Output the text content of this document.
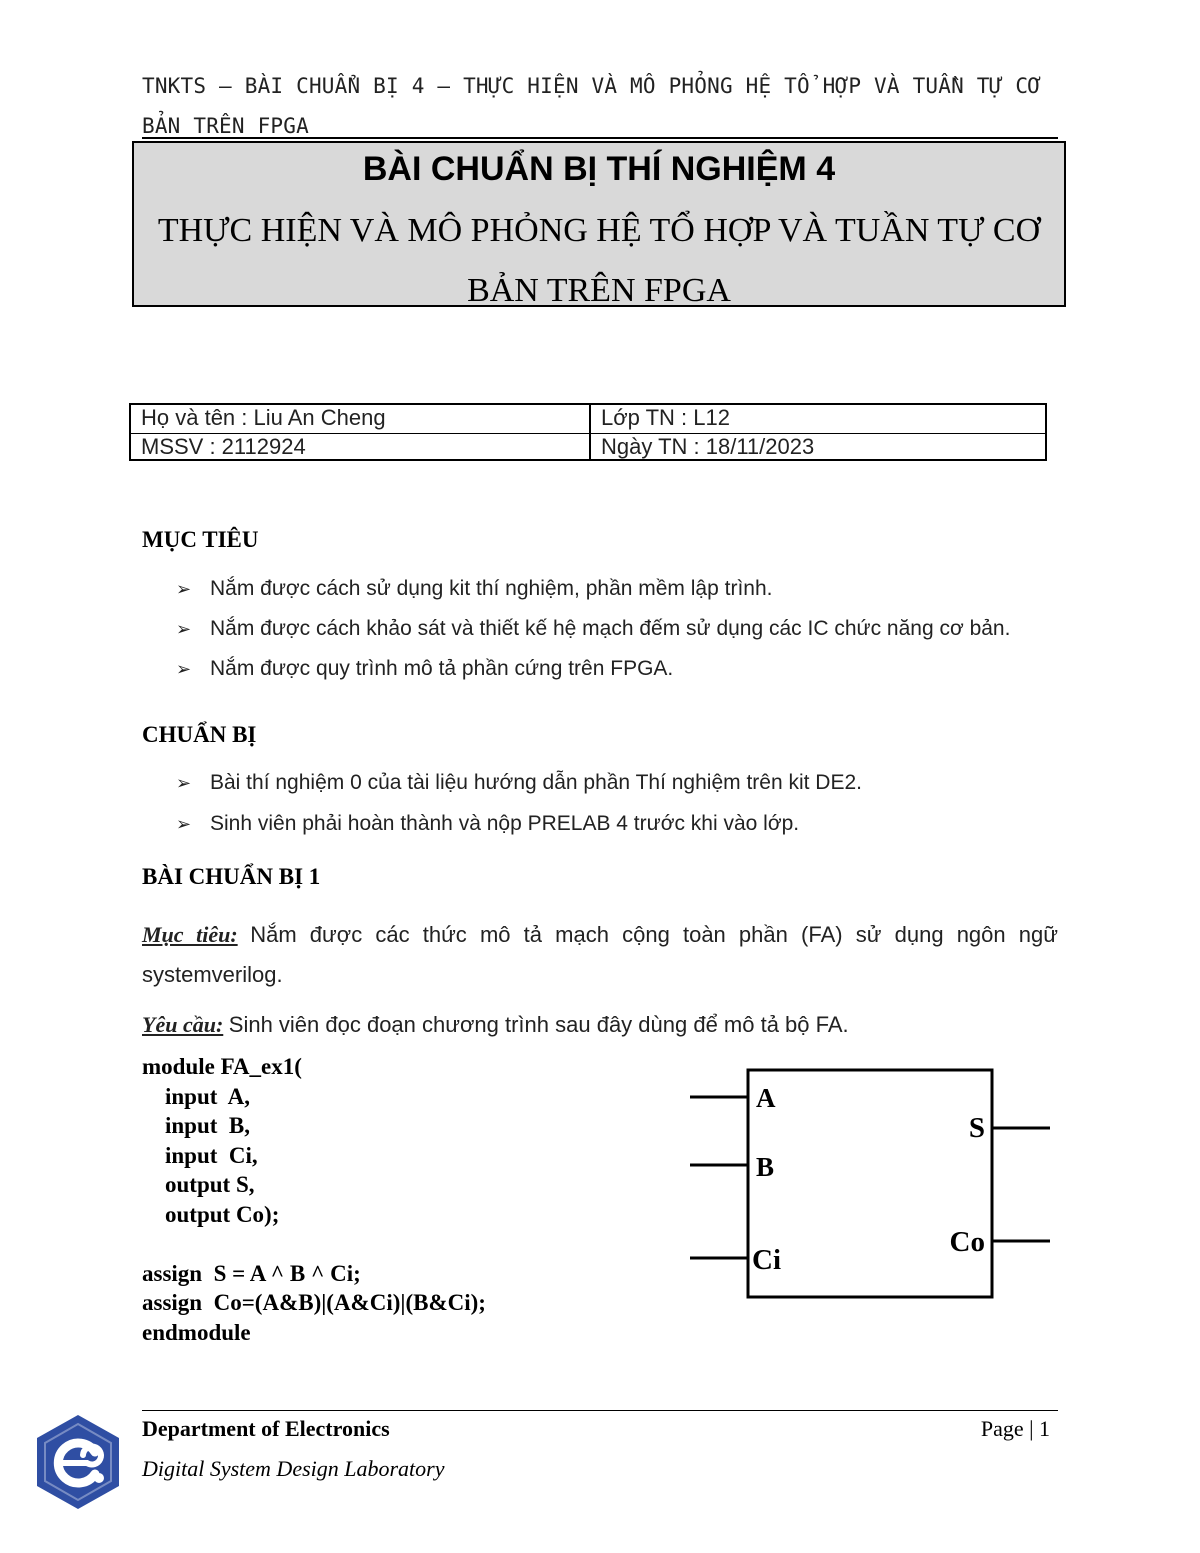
TNKTS – BÀI CHUẨN BỊ 4 – THỰC HIỆN VÀ MÔ PHỎNG HỆ TỔ HỢP VÀ TUẦN TỰ CƠ BẢN TRÊN FPGA
BÀI CHUẨN BỊ THÍ NGHIỆM 4
THỰC HIỆN VÀ MÔ PHỎNG HỆ TỔ HỢP VÀ TUẦN TỰ CƠ BẢN TRÊN FPGA
Họ và tên : Liu An Cheng	Lớp TN : L12
MSSV : 2112924	Ngày TN : 18/11/2023
MỤC TIÊU
➢ Nắm được cách sử dụng kit thí nghiệm, phần mềm lập trình.
➢ Nắm được cách khảo sát và thiết kế hệ mạch đếm sử dụng các IC chức năng cơ bản.
➢ Nắm được quy trình mô tả phần cứng trên FPGA.
CHUẨN BỊ
➢ Bài thí nghiệm 0 của tài liệu hướng dẫn phần Thí nghiệm trên kit DE2.
➢ Sinh viên phải hoàn thành và nộp PRELAB 4 trước khi vào lớp.
BÀI CHUẨN BỊ 1
Mục tiêu: Nắm được các thức mô tả mạch cộng toàn phần (FA) sử dụng ngôn ngữ systemverilog.
Yêu cầu: Sinh viên đọc đoạn chương trình sau đây dùng để mô tả bộ FA.
module FA_ex1(
input  A,
input  B,
input  Ci,
output S,
output Co);

assign  S = A ^ B ^ Ci;
assign  Co=(A&B)|(A&Ci)|(B&Ci);
endmodule
A
B
Ci
S
Co
Department of Electronics	Page | 1
Digital System Design Laboratory
